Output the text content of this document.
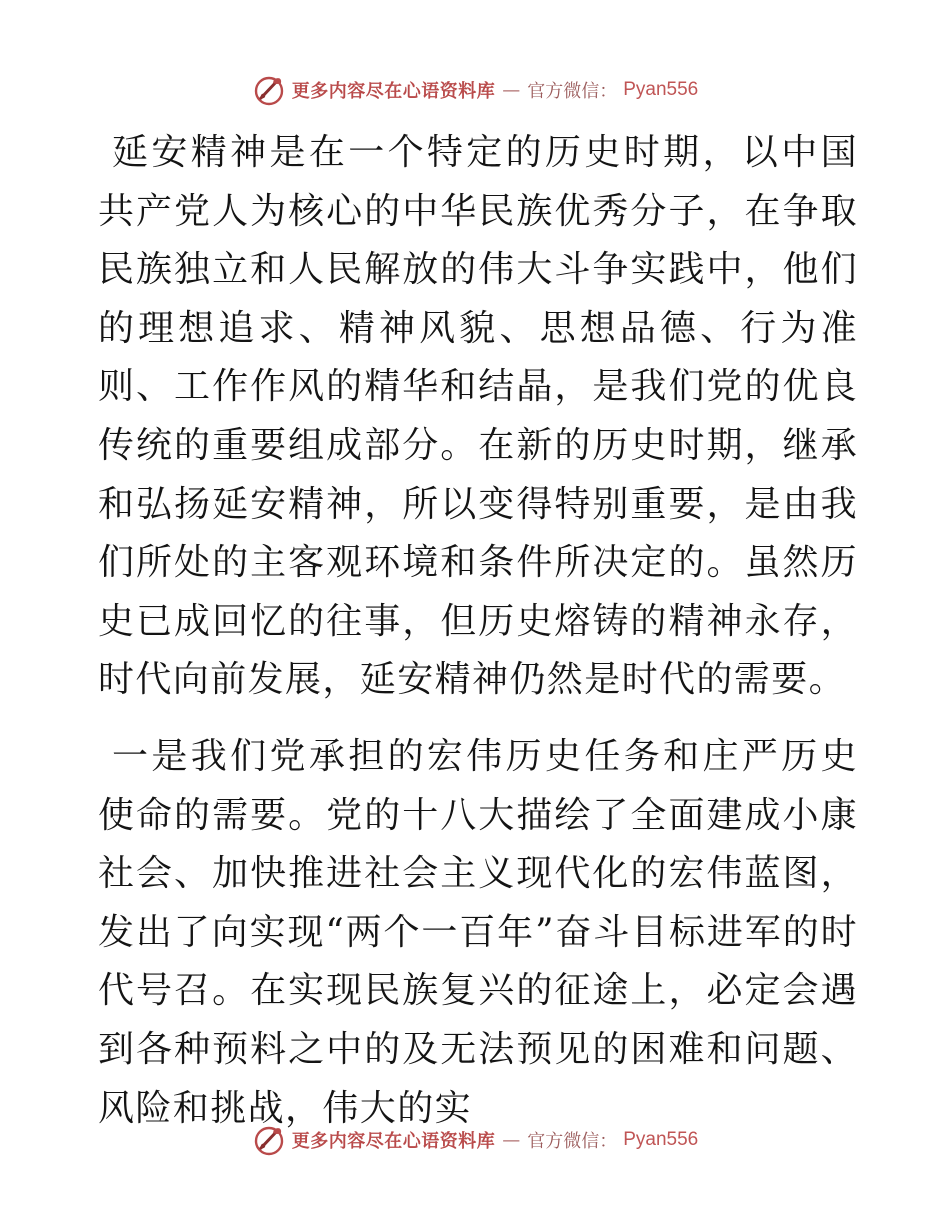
更多内容尽在心语资料库 — 官方微信： Pyan556

延安精神是在一个特定的历史时期，以中国共产党人为核心的中华民族优秀分子，在争取民族独立和人民解放的伟大斗争实践中，他们的理想追求、精神风貌、思想品德、行为准则、工作作风的精华和结晶，是我们党的优良传统的重要组成部分。在新的历史时期，继承和弘扬延安精神，所以变得特别重要，是由我们所处的主客观环境和条件所决定的。虽然历史已成回忆的往事，但历史熔铸的精神永存，时代向前发展，延安精神仍然是时代的需要。

一是我们党承担的宏伟历史任务和庄严历史使命的需要。党的十八大描绘了全面建成小康社会、加快推进社会主义现代化的宏伟蓝图，发出了向实现“两个一百年”奋斗目标进军的时代号召。在实现民族复兴的征途上，必定会遇到各种预料之中的及无法预见的困难和问题、风险和挑战，伟大的实

更多内容尽在心语资料库 — 官方微信： Pyan556
